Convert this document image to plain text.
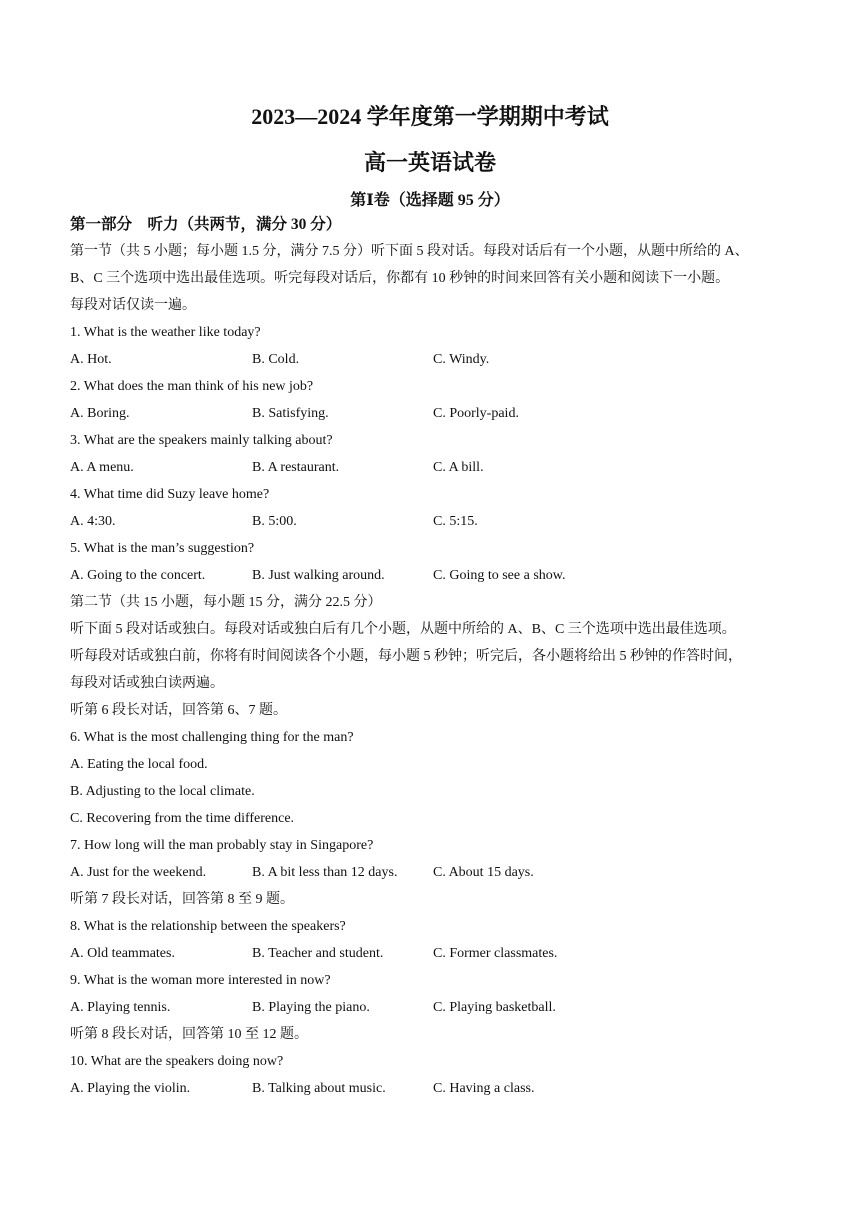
2023—2024 学年度第一学期期中考试
高一英语试卷
第Ⅰ卷（选择题 95 分）
第一部分　听力（共两节，满分 30 分）
第一节（共 5 小题；每小题 1.5 分，满分 7.5 分）听下面 5 段对话。每段对话后有一个小题，从题中所给的 A、
B、C 三个选项中选出最佳选项。听完每段对话后，你都有 10 秒钟的时间来回答有关小题和阅读下一小题。
每段对话仅读一遍。
1. What is the weather like today?
A. Hot.	B. Cold.	C. Windy.
2. What does the man think of his new job?
A. Boring.	B. Satisfying.	C. Poorly-paid.
3. What are the speakers mainly talking about?
A. A menu.	B. A restaurant.	C. A bill.
4. What time did Suzy leave home?
A. 4:30.	B. 5:00.	C. 5:15.
5. What is the man’s suggestion?
A. Going to the concert.	B. Just walking around.	C. Going to see a show.
第二节（共 15 小题，每小题 15 分，满分 22.5 分）
听下面 5 段对话或独白。每段对话或独白后有几个小题，从题中所给的 A、B、C 三个选项中选出最佳选项。
听每段对话或独白前，你将有时间阅读各个小题，每小题 5 秒钟；听完后，各小题将给出 5 秒钟的作答时间，
每段对话或独白读两遍。
听第 6 段长对话，回答第 6、7 题。
6. What is the most challenging thing for the man?
A. Eating the local food.
B. Adjusting to the local climate.
C. Recovering from the time difference.
7. How long will the man probably stay in Singapore?
A. Just for the weekend.	B. A bit less than 12 days.	C. About 15 days.
听第 7 段长对话，回答第 8 至 9 题。
8. What is the relationship between the speakers?
A. Old teammates.	B. Teacher and student.	C. Former classmates.
9. What is the woman more interested in now?
A. Playing tennis.	B. Playing the piano.	C. Playing basketball.
听第 8 段长对话，回答第 10 至 12 题。
10. What are the speakers doing now?
A. Playing the violin.	B. Talking about music.	C. Having a class.
